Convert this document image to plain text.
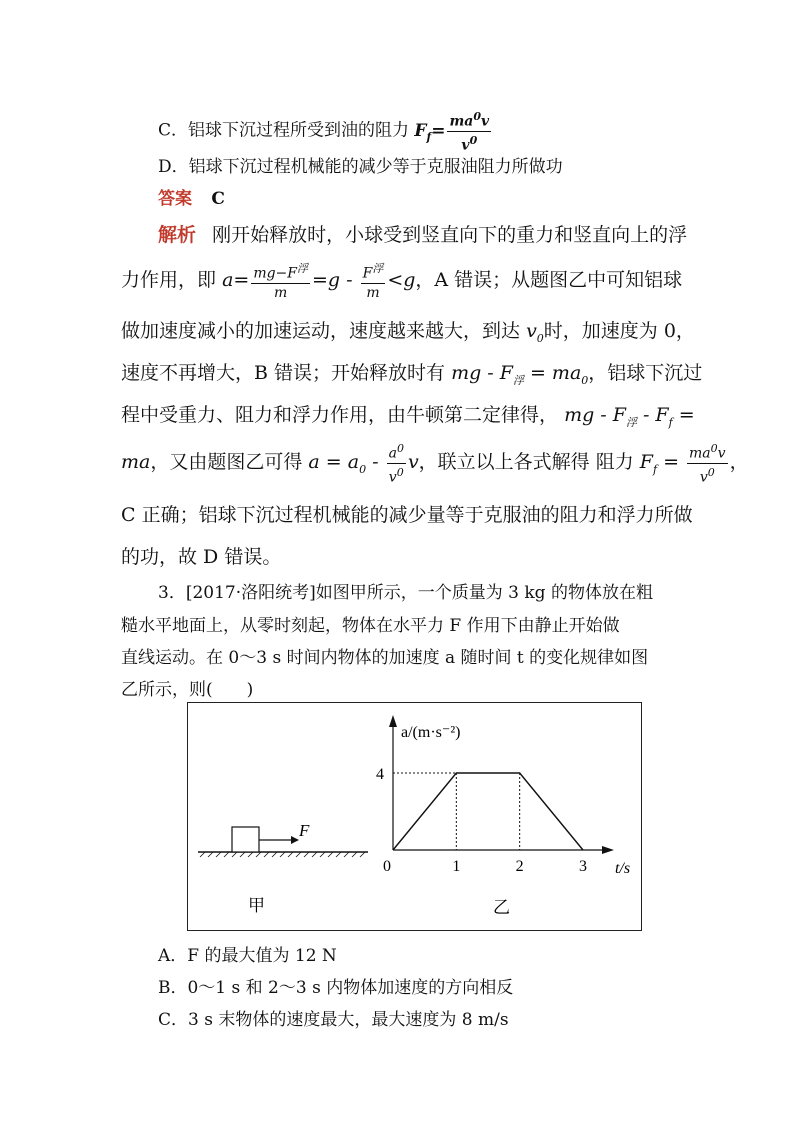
C．铝球下沉过程所受到油的阻力 $F_f= \frac{ma^0v}{v^0}$
D．铝球下沉过程机械能的减少等于克服油阻力所做功
答案 C
解析 刚开始释放时，小球受到竖直向下的重力和竖直向上的浮
力作用，即 $a= \frac{mg-F^浮}{m} =g - \frac{F^浮}{m} <g$，A 错误；从题图乙中可知铝球
做加速度减小的加速运动，速度越来越大，到达 $v_0$时，加速度为 0，
速度不再增大，B 错误；开始释放时有 mg - $F_浮 = ma_0$，铝球下沉过
程中受重力、阻力和浮力作用，由牛顿第二定律得， mg - $F_浮 - F_f$ =
ma，又由题图乙可得 $a = a_0 - \frac{a^0}{v^0}$ v，联立以上各式解得 阻力 $F_f = \frac{ma^0v}{v^0}$ ，
C 正确；铝球下沉过程机械能的减少量等于克服油的阻力和浮力所做
的功，故 D 错误。
3．[2017·洛阳统考]如图甲所示，一个质量为 3 kg 的物体放在粗
糙水平地面上，从零时刻起，物体在水平力 F 作用下由静止开始做
直线运动。在 0～3 s 时间内物体的加速度 a 随时间 t 的变化规律如图
乙所示，则(　　)
F
甲
a/(m·s⁻²)
t/s
0	1	2	3
4
乙
A．F 的最大值为 12 N
B．0～1 s 和 2～3 s 内物体加速度的方向相反
C．3 s 末物体的速度最大，最大速度为 8 m/s
